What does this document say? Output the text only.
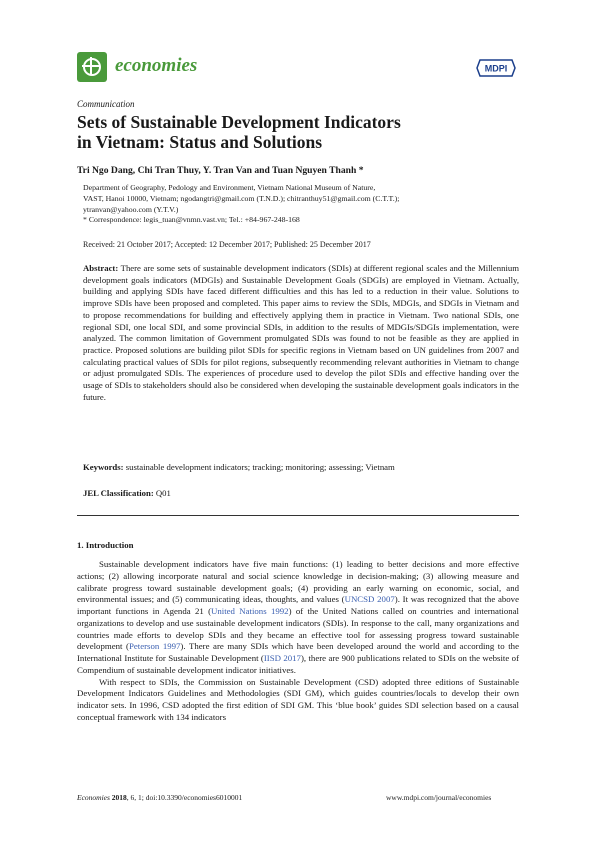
economies	MDPI
Communication
Sets of Sustainable Development Indicators
in Vietnam: Status and Solutions
Tri Ngo Dang, Chi Tran Thuy, Y. Tran Van and Tuan Nguyen Thanh *
Department of Geography, Pedology and Environment, Vietnam National Museum of Nature,
VAST, Hanoi 10000, Vietnam; ngodangtri@gmail.com (T.N.D.); chitranthuy51@gmail.com (C.T.T.);
ytranvan@yahoo.com (Y.T.V.)
* Correspondence: legis_tuan@vnmn.vast.vn; Tel.: +84-967-248-168
Received: 21 October 2017; Accepted: 12 December 2017; Published: 25 December 2017
Abstract: There are some sets of sustainable development indicators (SDIs) at different regional scales and the Millennium development goals indicators (MDGIs) and Sustainable Development Goals (SDGIs) are employed in Vietnam. Actually, building and applying SDIs have faced different difficulties and this has led to a reduction in their value. Solutions to improve SDIs have been proposed and completed. This paper aims to review the SDIs, MDGIs, and SDGIs in Vietnam and to propose recommendations for building and effectively applying them in practice in Vietnam. Two national SDIs, one regional SDI, one local SDI, and some provincial SDIs, in addition to the results of MDGIs/SDGIs implementation, were analyzed. The common limitation of Government promulgated SDIs was found to not be feasible as they are applied in practice. Proposed solutions are building pilot SDIs for specific regions in Vietnam based on UN guidelines from 2007 and calculating practical values of SDIs for pilot regions, subsequently recommending relevant authorities in Vietnam to change or adjust promulgated SDIs. The experiences of procedure used to develop the pilot SDIs and effective handing over the usage of SDIs to stakeholders should also be considered when developing the sustainable development goals indicators in the future.
Keywords: sustainable development indicators; tracking; monitoring; assessing; Vietnam
JEL Classification: Q01
1. Introduction

Sustainable development indicators have five main functions: (1) leading to better decisions and more effective actions; (2) allowing incorporate natural and social science knowledge in decision-making; (3) allowing measure and calibrate progress toward sustainable development goals; (4) providing an early warning on economic, social, and environmental issues; and (5) communicating ideas, thoughts, and values (UNCSD 2007). It was recognized that the above important functions in Agenda 21 (United Nations 1992) of the United Nations called on countries and international organizations to develop and use sustainable development indicators (SDIs). In response to the call, many organizations and countries made efforts to develop SDIs and they became an effective tool for assessing progress toward sustainable development (Peterson 1997). There are many SDIs which have been developed around the world and according to the International Institute for Sustainable Development (IISD 2017), there are 900 publications related to SDIs on the website of Compendium of sustainable development indicator initiatives.

With respect to SDIs, the Commission on Sustainable Development (CSD) adopted three editions of Sustainable Development Indicators Guidelines and Methodologies (SDI GM), which guides countries/locals to develop their own indicator sets. In 1996, CSD adopted the first edition of SDI GM. This ‘blue book’ guides SDI selection based on a causal conceptual framework with 134 indicators

Economies 2018, 6, 1; doi:10.3390/economies6010001	www.mdpi.com/journal/economies
